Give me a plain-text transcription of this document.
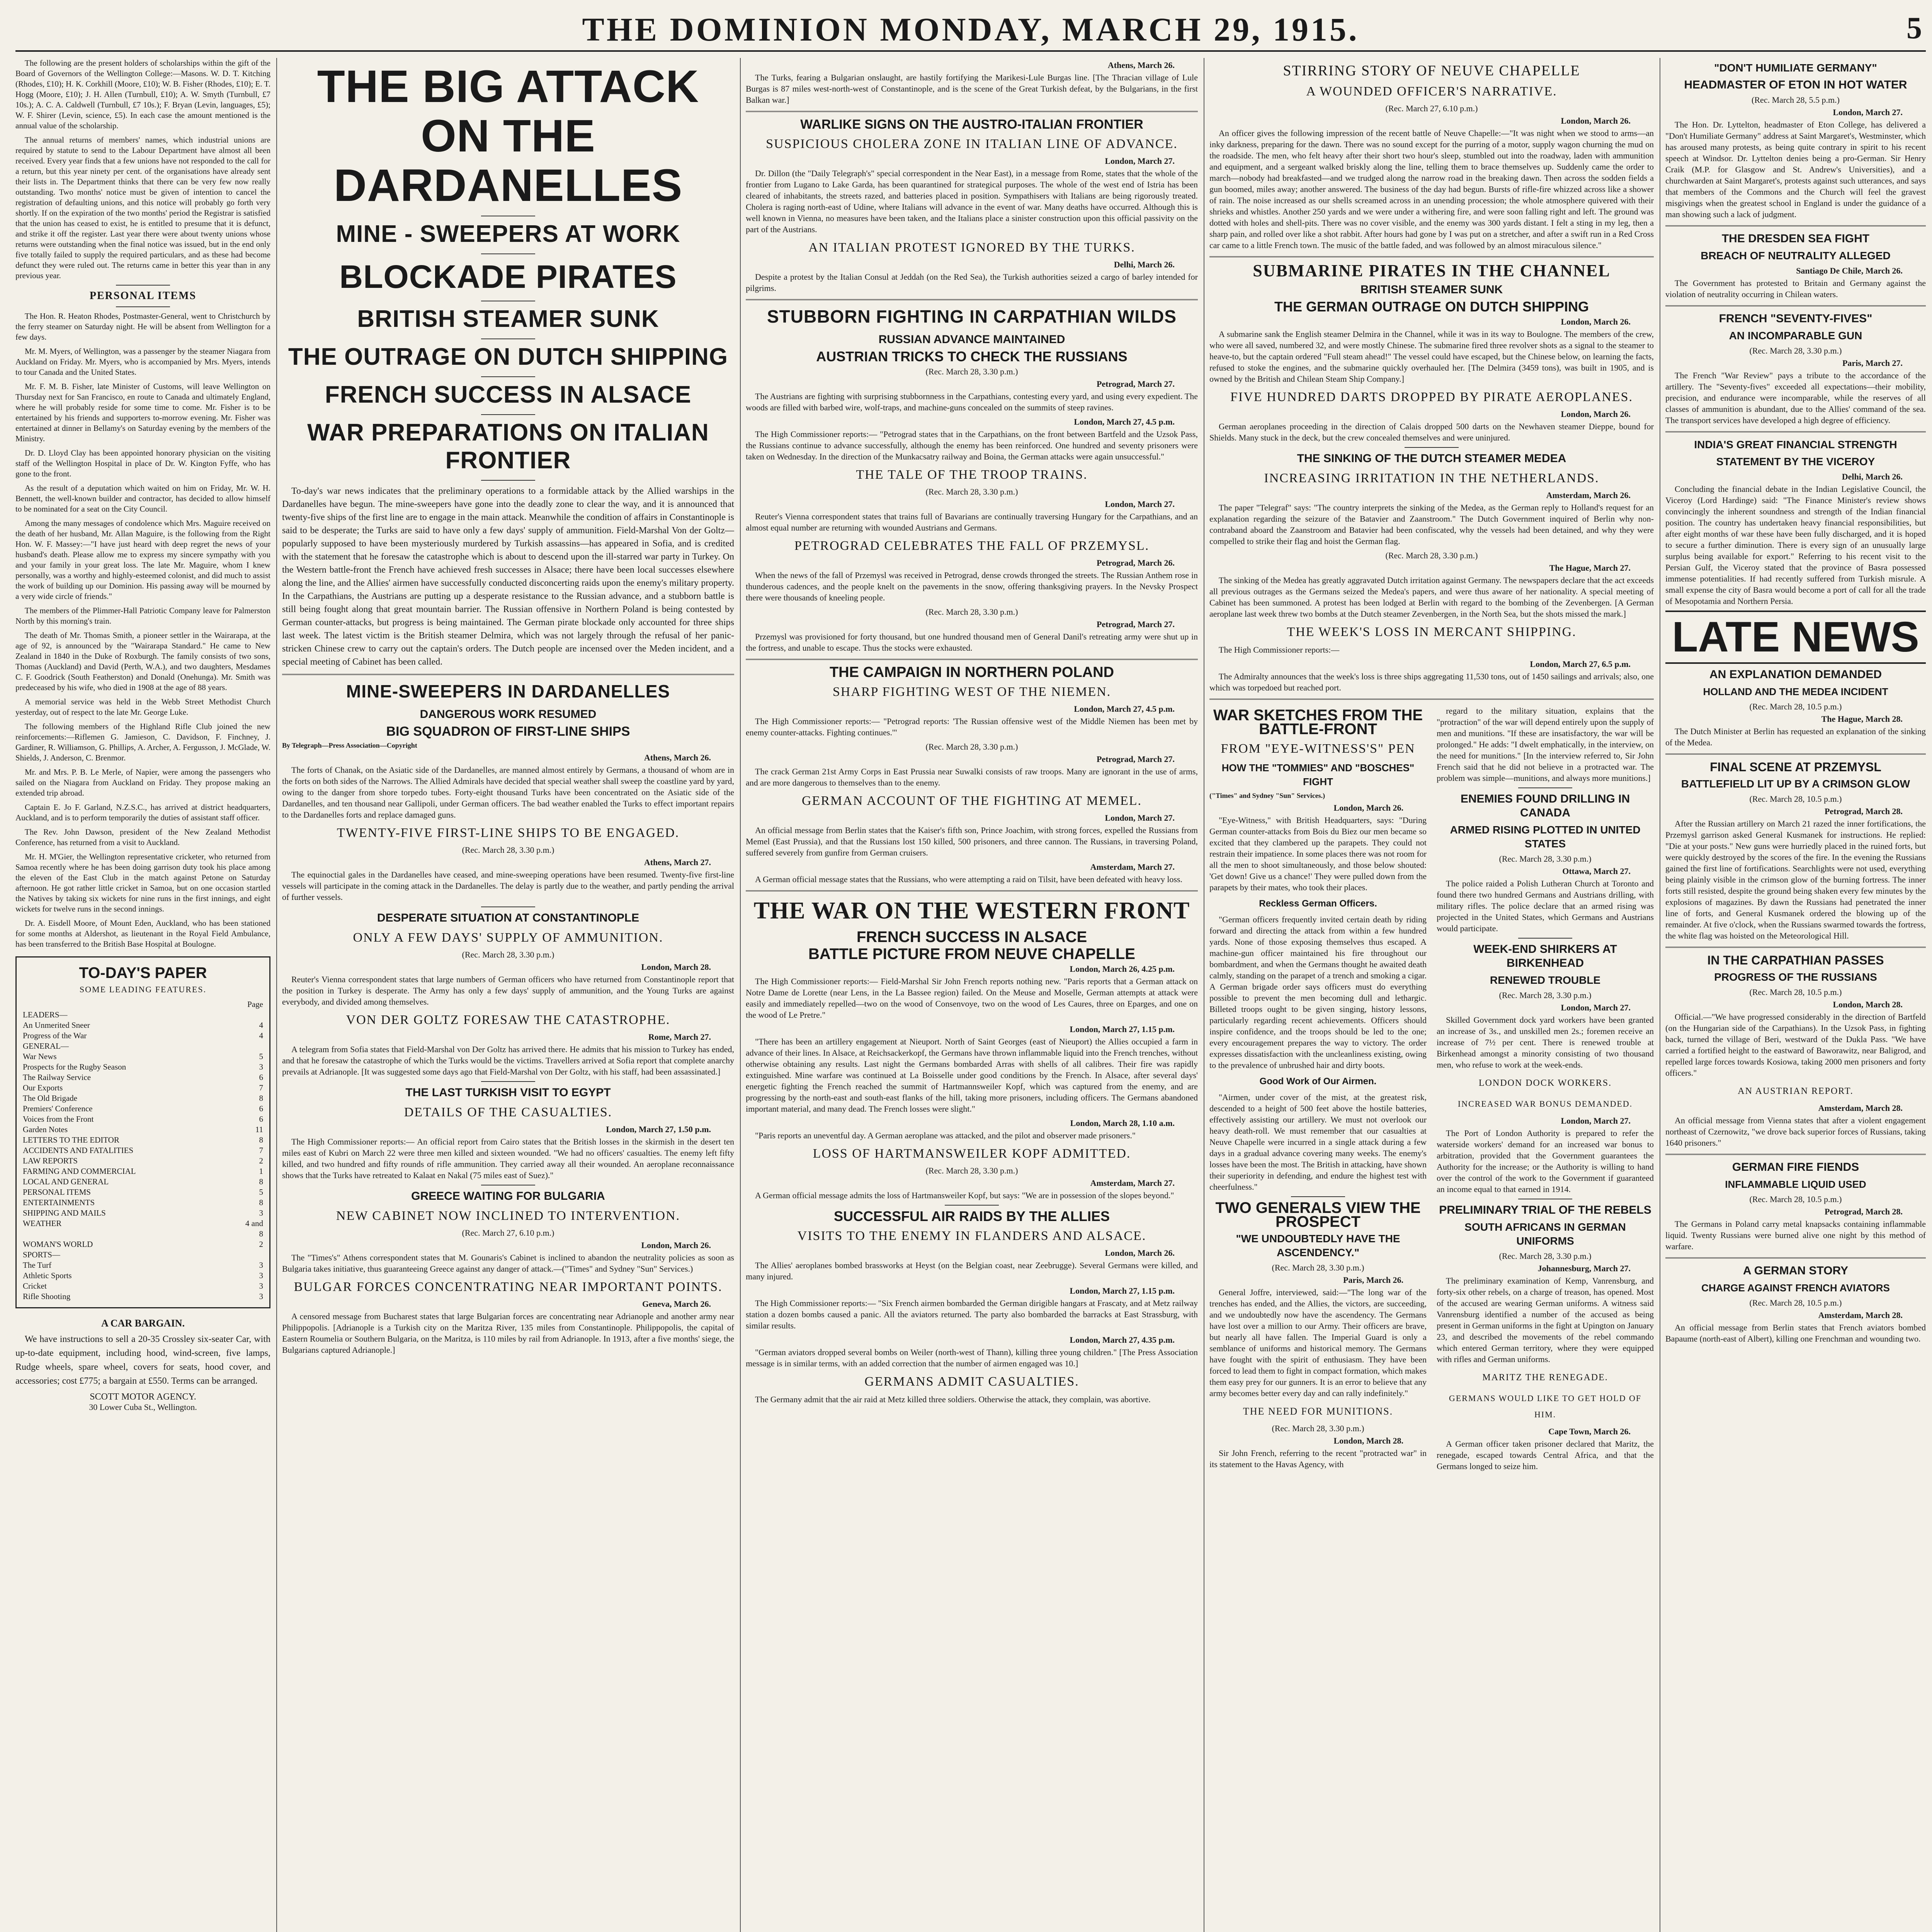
THE DOMINION MONDAY, MARCH 29, 1915.	5

The following are the present holders of scholarships within the gift of the Board of Governors of the Wellington College:—Masons. W. D. T. Kitching (Rhodes, £10); H. K. Corkhill (Moore, £10); W. B. Fisher (Rhodes, £10); E. T. Hogg (Moore, £10); J. H. Allen (Turnbull, £10); A. W. Smyth (Turnbull, £7 10s.); A. C. A. Caldwell (Turnbull, £7 10s.); F. Bryan (Levin, languages, £5); W. F. Shirer (Levin, science, £5). In each case the amount mentioned is the annual value of the scholarship.

The annual returns of members' names, which industrial unions are required by statute to send to the Labour Department have almost all been received. Every year finds that a few unions have not responded to the call for a return, but this year ninety per cent. of the organisations have already sent their lists in. The Department thinks that there can be very few now really outstanding. Two months' notice must be given of intention to cancel the registration of defaulting unions, and this notice will probably go forth very shortly. If on the expiration of the two months' period the Registrar is satisfied that the union has ceased to exist, he is entitled to presume that it is defunct, and strike it off the register. Last year there were about twenty unions whose returns were outstanding when the final notice was issued, but in the end only five totally failed to supply the required particulars, and as these had become defunct they were ruled out. The returns came in better this year than in any previous year.

PERSONAL ITEMS

The Hon. R. Heaton Rhodes, Postmaster-General, went to Christchurch by the ferry steamer on Saturday night. He will be absent from Wellington for a few days.

Mr. M. Myers, of Wellington, was a passenger by the steamer Niagara from Auckland on Friday. Mr. Myers, who is accompanied by Mrs. Myers, intends to tour Canada and the United States.

Mr. F. M. B. Fisher, late Minister of Customs, will leave Wellington on Thursday next for San Francisco, en route to Canada and ultimately England, where he will probably reside for some time to come. Mr. Fisher is to be entertained by his friends and supporters to-morrow evening. Mr. Fisher was entertained at dinner in Bellamy's on Saturday evening by the members of the Ministry.

Dr. D. Lloyd Clay has been appointed honorary physician on the visiting staff of the Wellington Hospital in place of Dr. W. Kington Fyffe, who has gone to the front.

As the result of a deputation which waited on him on Friday, Mr. W. H. Bennett, the well-known builder and contractor, has decided to allow himself to be nominated for a seat on the City Council.

Among the many messages of condolence which Mrs. Maguire received on the death of her husband, Mr. Allan Maguire, is the following from the Right Hon. W. F. Massey:—"I have just heard with deep regret the news of your husband's death. Please allow me to express my sincere sympathy with you and your family in your great loss. The late Mr. Maguire, whom I knew personally, was a worthy and highly-esteemed colonist, and did much to assist the work of building up our Dominion. His passing away will be mourned by a very wide circle of friends."

The members of the Plimmer-Hall Patriotic Company leave for Palmerston North by this morning's train.

The death of Mr. Thomas Smith, a pioneer settler in the Wairarapa, at the age of 92, is announced by the "Wairarapa Standard." He came to New Zealand in 1840 in the Duke of Roxburgh. The family consists of two sons, Thomas (Auckland) and David (Perth, W.A.), and two daughters, Mesdames C. F. Goodrick (South Featherston) and Donald (Onehunga). Mr. Smith was predeceased by his wife, who died in 1908 at the age of 88 years.

A memorial service was held in the Webb Street Methodist Church yesterday, out of respect to the late Mr. George Luke.

The following members of the Highland Rifle Club joined the new reinforcements:—Riflemen G. Jamieson, C. Davidson, F. Finchney, J. Gardiner, R. Williamson, G. Phillips, A. Archer, A. Fergusson, J. McGlade, W. Shields, J. Anderson, C. Brenmor.

Mr. and Mrs. P. B. Le Merle, of Napier, were among the passengers who sailed on the Niagara from Auckland on Friday. They propose making an extended trip abroad.

Captain E. Jo F. Garland, N.Z.S.C., has arrived at district headquarters, Auckland, and is to perform temporarily the duties of assistant staff officer.

The Rev. John Dawson, president of the New Zealand Methodist Conference, has returned from a visit to Auckland.

Mr. H. M'Gier, the Wellington representative cricketer, who returned from Samoa recently where he has been doing garrison duty took his place among the eleven of the East Club in the match against Petone on Saturday afternoon. He got rather little cricket in Samoa, but on one occasion startled the Natives by taking six wickets for nine runs in the first innings, and eight wickets for twelve runs in the second innings.

Dr. A. Eisdell Moore, of Mount Eden, Auckland, who has been stationed for some months at Aldershot, as lieutenant in the Royal Field Ambulance, has been transferred to the British Base Hospital at Boulogne.

TO-DAY'S PAPER
SOME LEADING FEATURES.
Page
LEADERS—
An Unmerited Sneer	4
Progress of the War	4
GENERAL—
War News	5
Prospects for the Rugby Season	3
The Railway Service	6
Our Exports	7
The Old Brigade	8
Premiers' Conference	6
Voices from the Front	6
Garden Notes	11
LETTERS TO THE EDITOR	8
ACCIDENTS AND FATALITIES	7
LAW REPORTS	2
FARMING AND COMMERCIAL	1
LOCAL AND GENERAL	8
PERSONAL ITEMS	5
ENTERTAINMENTS	8
SHIPPING AND MAILS	3
WEATHER	4 and 8
WOMAN'S WORLD	2
SPORTS—
The Turf	3
Athletic Sports	3
Cricket	3
Rifle Shooting	3
A CAR BARGAIN.

We have instructions to sell a 20-35 Crossley six-seater Car, with up-to-date equipment, including hood, wind-screen, five lamps, Rudge wheels, spare wheel, covers for seats, hood cover, and accessories; cost £775; a bargain at £550. Terms can be arranged.

SCOTT MOTOR AGENCY.
30 Lower Cuba St., Wellington.
THE BIG ATTACK ON THE DARDANELLES
MINE - SWEEPERS AT WORK
BLOCKADE PIRATES
BRITISH STEAMER SUNK
THE OUTRAGE ON DUTCH SHIPPING
FRENCH SUCCESS IN ALSACE
WAR PREPARATIONS ON ITALIAN FRONTIER

To-day's war news indicates that the preliminary operations to a formidable attack by the Allied warships in the Dardanelles have begun. The mine-sweepers have gone into the deadly zone to clear the way, and it is announced that twenty-five ships of the first line are to engage in the main attack. Meanwhile the condition of affairs in Constantinople is said to be desperate; the Turks are said to have only a few days' supply of ammunition. Field-Marshal Von der Goltz—popularly supposed to have been mysteriously murdered by Turkish assassins—has appeared in Sofia, and is credited with the statement that he foresaw the catastrophe which is about to descend upon the ill-starred war party in Turkey. On the Western battle-front the French have achieved fresh successes in Alsace; there have been local successes elsewhere along the line, and the Allies' airmen have successfully conducted disconcerting raids upon the enemy's military property. In the Carpathians, the Austrians are putting up a desperate resistance to the Russian advance, and a stubborn battle is still being fought along that great mountain barrier. The Russian offensive in Northern Poland is being contested by German counter-attacks, but progress is being maintained. The German pirate blockade only accounted for three ships last week. The latest victim is the British steamer Delmira, which was not largely through the refusal of her panic-stricken Chinese crew to carry out the captain's orders. The Dutch people are incensed over the Meden incident, and a special meeting of Cabinet has been called.

MINE-SWEEPERS IN DARDANELLES
DANGEROUS WORK RESUMED
BIG SQUADRON OF FIRST-LINE SHIPS
By Telegraph—Press Association—Copyright
Athens, March 26.

The forts of Chanak, on the Asiatic side of the Dardanelles, are manned almost entirely by Germans, a thousand of whom are in the forts on both sides of the Narrows. The Allied Admirals have decided that special weather shall sweep the coastline yard by yard, owing to the danger from shore torpedo tubes. Forty-eight thousand Turks have been concentrated on the Asiatic side of the Dardanelles, and ten thousand near Gallipoli, under German officers. The bad weather enabled the Turks to effect important repairs to the Dardanelles forts and replace damaged guns.

TWENTY-FIVE FIRST-LINE SHIPS TO BE ENGAGED.
(Rec. March 28, 3.30 p.m.)
Athens, March 27.

The equinoctial gales in the Dardanelles have ceased, and mine-sweeping operations have been resumed. Twenty-five first-line vessels will participate in the coming attack in the Dardanelles. The delay is partly due to the weather, and partly pending the arrival of further vessels.

DESPERATE SITUATION AT CONSTANTINOPLE
ONLY A FEW DAYS' SUPPLY OF AMMUNITION.
(Rec. March 28, 3.30 p.m.)
London, March 28.

Reuter's Vienna correspondent states that large numbers of German officers who have returned from Constantinople report that the position in Turkey is desperate. The Army has only a few days' supply of ammunition, and the Young Turks are against everybody, and divided among themselves.

VON DER GOLTZ FORESAW THE CATASTROPHE.
Rome, March 27.

A telegram from Sofia states that Field-Marshal von Der Goltz has arrived there. He admits that his mission to Turkey has ended, and that he foresaw the catastrophe of which the Turks would be the victims. Travellers arrived at Sofia report that complete anarchy prevails at Adrianople. [It was suggested some days ago that Field-Marshal von Der Goltz, with his staff, had been assassinated.]

THE LAST TURKISH VISIT TO EGYPT
DETAILS OF THE CASUALTIES.
London, March 27, 1.50 p.m.

The High Commissioner reports:— An official report from Cairo states that the British losses in the skirmish in the desert ten miles east of Kubri on March 22 were three men killed and sixteen wounded. "We had no officers' casualties. The enemy left fifty killed, and two hundred and fifty rounds of rifle ammunition. They carried away all their wounded. An aeroplane reconnaissance shows that the Turks have retreated to Kalaat en Nakal (75 miles east of Suez)."

GREECE WAITING FOR BULGARIA
NEW CABINET NOW INCLINED TO INTERVENTION.
(Rec. March 27, 6.10 p.m.)
London, March 26.

The "Times's" Athens correspondent states that M. Gounaris's Cabinet is inclined to abandon the neutrality policies as soon as Bulgaria takes initiative, thus guaranteeing Greece against any danger of attack.—("Times" and Sydney "Sun" Services.)

BULGAR FORCES CONCENTRATING NEAR IMPORTANT POINTS.
Geneva, March 26.

A censored message from Bucharest states that large Bulgarian forces are concentrating near Adrianople and another army near Philippopolis. [Adrianople is a Turkish city on the Maritza River, 135 miles from Constantinople. Philippopolis, the capital of Eastern Roumelia or Southern Bulgaria, on the Maritza, is 110 miles by rail from Adrianople. In 1913, after a five months' siege, the Bulgarians captured Adrianople.]

Athens, March 26.

The Turks, fearing a Bulgarian onslaught, are hastily fortifying the Marikesi-Lule Burgas line. [The Thracian village of Lule Burgas is 87 miles west-north-west of Constantinople, and is the scene of the Great Turkish defeat, by the Bulgarians, in the first Balkan war.]

WARLIKE SIGNS ON THE AUSTRO-ITALIAN FRONTIER
SUSPICIOUS CHOLERA ZONE IN ITALIAN LINE OF ADVANCE.
London, March 27.

Dr. Dillon (the "Daily Telegraph's" special correspondent in the Near East), in a message from Rome, states that the whole of the frontier from Lugano to Lake Garda, has been quarantined for strategical purposes. The whole of the west end of Istria has been cleared of inhabitants, the streets razed, and batteries placed in position. Sympathisers with Italians are being rigorously treated. Cholera is raging north-east of Udine, where Italians will advance in the event of war. Many deaths have occurred. Although this is well known in Vienna, no measures have been taken, and the Italians place a sinister construction upon this official passivity on the part of the Austrians.

AN ITALIAN PROTEST IGNORED BY THE TURKS.
Delhi, March 26.

Despite a protest by the Italian Consul at Jeddah (on the Red Sea), the Turkish authorities seized a cargo of barley intended for pilgrims.

STUBBORN FIGHTING IN CARPATHIAN WILDS
RUSSIAN ADVANCE MAINTAINED
AUSTRIAN TRICKS TO CHECK THE RUSSIANS
(Rec. March 28, 3.30 p.m.)
Petrograd, March 27.

The Austrians are fighting with surprising stubbornness in the Carpathians, contesting every yard, and using every expedient. The woods are filled with barbed wire, wolf-traps, and machine-guns concealed on the summits of steep ravines.

London, March 27, 4.5 p.m.

The High Commissioner reports:— "Petrograd states that in the Carpathians, on the front between Bartfeld and the Uzsok Pass, the Russians continue to advance successfully, although the enemy has been reinforced. One hundred and seventy prisoners were taken on Wednesday. In the direction of the Munkacsatry railway and Boina, the German attacks were again unsuccessful."

THE TALE OF THE TROOP TRAINS.
(Rec. March 28, 3.30 p.m.)
London, March 27.

Reuter's Vienna correspondent states that trains full of Bavarians are continually traversing Hungary for the Carpathians, and an almost equal number are returning with wounded Austrians and Germans.

PETROGRAD CELEBRATES THE FALL OF PRZEMYSL.
Petrograd, March 26.

When the news of the fall of Przemysl was received in Petrograd, dense crowds thronged the streets. The Russian Anthem rose in thunderous cadences, and the people knelt on the pavements in the snow, offering thanksgiving prayers. In the Nevsky Prospect there were thousands of kneeling people.

(Rec. March 28, 3.30 p.m.)
Petrograd, March 27.

Przemysl was provisioned for forty thousand, but one hundred thousand men of General Danil's retreating army were shut up in the fortress, and unable to escape. Thus the stocks were exhausted.

THE CAMPAIGN IN NORTHERN POLAND
SHARP FIGHTING WEST OF THE NIEMEN.
London, March 27, 4.5 p.m.

The High Commissioner reports:— "Petrograd reports: 'The Russian offensive west of the Middle Niemen has been met by enemy counter-attacks. Fighting continues.'"

(Rec. March 28, 3.30 p.m.)
Petrograd, March 27.

The crack German 21st Army Corps in East Prussia near Suwalki consists of raw troops. Many are ignorant in the use of arms, and are more dangerous to themselves than to the enemy.

GERMAN ACCOUNT OF THE FIGHTING AT MEMEL.
London, March 27.

An official message from Berlin states that the Kaiser's fifth son, Prince Joachim, with strong forces, expelled the Russians from Memel (East Prussia), and that the Russians lost 150 killed, 500 prisoners, and three cannon. The Russians, in traversing Poland, suffered severely from gunfire from German cruisers.

Amsterdam, March 27.

A German official message states that the Russians, who were attempting a raid on Tilsit, have been defeated with heavy loss.

THE WAR ON THE WESTERN FRONT
FRENCH SUCCESS IN ALSACE
BATTLE PICTURE FROM NEUVE CHAPELLE
London, March 26, 4.25 p.m.

The High Commissioner reports:— Field-Marshal Sir John French reports nothing new. "Paris reports that a German attack on Notre Dame de Lorette (near Lens, in the La Bassee region) failed. On the Meuse and Moselle, German attempts at attack were easily and immediately repelled—two on the wood of Consenvoye, two on the wood of Les Caures, three on Eparges, and one on the wood of Le Pretre."

London, March 27, 1.15 p.m.

"There has been an artillery engagement at Nieuport. North of Saint Georges (east of Nieuport) the Allies occupied a farm in advance of their lines. In Alsace, at Reichsackerkopf, the Germans have thrown inflammable liquid into the French trenches, without otherwise obtaining any results. Last night the Germans bombarded Arras with shells of all calibres. Their fire was rapidly extinguished. Mine warfare was continued at La Boisselle under good conditions by the French. In Alsace, after several days' energetic fighting the French reached the summit of Hartmannsweiler Kopf, which was captured from the enemy, and are progressing by the north-east and south-east flanks of the hill, taking more prisoners, including officers. The Germans abandoned important material, and many dead. The French losses were slight."

London, March 28, 1.10 a.m.

"Paris reports an uneventful day. A German aeroplane was attacked, and the pilot and observer made prisoners."

LOSS OF HARTMANSWEILER KOPF ADMITTED.
(Rec. March 28, 3.30 p.m.)
Amsterdam, March 27.

A German official message admits the loss of Hartmansweiler Kopf, but says: "We are in possession of the slopes beyond."

SUCCESSFUL AIR RAIDS BY THE ALLIES
VISITS TO THE ENEMY IN FLANDERS AND ALSACE.
London, March 26.

The Allies' aeroplanes bombed brassworks at Heyst (on the Belgian coast, near Zeebrugge). Several Germans were killed, and many injured.

London, March 27, 1.15 p.m.

The High Commissioner reports:— "Six French airmen bombarded the German dirigible hangars at Frascaty, and at Metz railway station a dozen bombs caused a panic. All the aviators returned. The party also bombarded the barracks at East Strassburg, with similar results.

London, March 27, 4.35 p.m.

"German aviators dropped several bombs on Weiler (north-west of Thann), killing three young children." [The Press Association message is in similar terms, with an added correction that the number of airmen engaged was 10.]

GERMANS ADMIT CASUALTIES.

The Germany admit that the air raid at Metz killed three soldiers. Otherwise the attack, they complain, was abortive.

STIRRING STORY OF NEUVE CHAPELLE
A WOUNDED OFFICER'S NARRATIVE.
(Rec. March 27, 6.10 p.m.)
London, March 26.

An officer gives the following impression of the recent battle of Neuve Chapelle:—"It was night when we stood to arms—an inky darkness, preparing for the dawn. There was no sound except for the purring of a motor, supply wagon churning the mud on the roadside. The men, who felt heavy after their short two hour's sleep, stumbled out into the roadway, laden with ammunition and equipment, and a sergeant walked briskly along the line, telling them to brace themselves up. Suddenly came the order to march—nobody had breakfasted—and we trudged along the narrow road in the breaking dawn. Then across the sodden fields a gun boomed, miles away; another answered. The business of the day had begun. Bursts of rifle-fire whizzed across like a shower of rain. The noise increased as our shells screamed across in an unending procession; the whole atmosphere quivered with their shrieks and whistles. Another 250 yards and we were under a withering fire, and were soon falling right and left. The ground was dotted with holes and shell-pits. There was no cover visible, and the enemy was 300 yards distant. I felt a sting in my leg, then a sharp pain, and rolled over like a shot rabbit. After hours had gone by I was put on a stretcher, and after a swift run in a Red Cross car came to a little French town. The music of the battle faded, and was followed by an almost miraculous silence."

SUBMARINE PIRATES IN THE CHANNEL
BRITISH STEAMER SUNK
THE GERMAN OUTRAGE ON DUTCH SHIPPING
London, March 26.

A submarine sank the English steamer Delmira in the Channel, while it was in its way to Boulogne. The members of the crew, who were all saved, numbered 32, and were mostly Chinese. The submarine fired three revolver shots as a signal to the steamer to heave-to, but the captain ordered "Full steam ahead!" The vessel could have escaped, but the Chinese below, on learning the facts, refused to stoke the engines, and the submarine quickly overhauled her. [The Delmira (3459 tons), was built in 1905, and is owned by the British and Chilean Steam Ship Company.]

FIVE HUNDRED DARTS DROPPED BY PIRATE AEROPLANES.
London, March 26.

German aeroplanes proceeding in the direction of Calais dropped 500 darts on the Newhaven steamer Dieppe, bound for Shields. Many stuck in the deck, but the crew concealed themselves and were uninjured.

THE SINKING OF THE DUTCH STEAMER MEDEA
INCREASING IRRITATION IN THE NETHERLANDS.
Amsterdam, March 26.

The paper "Telegraf" says: "The country interprets the sinking of the Medea, as the German reply to Holland's request for an explanation regarding the seizure of the Batavier and Zaanstroom." The Dutch Government inquired of Berlin why non-contraband aboard the Zaanstroom and Batavier had been confiscated, why the vessels had been detained, and why they were compelled to strike their flag and hoist the German flag.

(Rec. March 28, 3.30 p.m.)
The Hague, March 27.

The sinking of the Medea has greatly aggravated Dutch irritation against Germany. The newspapers declare that the act exceeds all previous outrages as the Germans seized the Medea's papers, and were thus aware of her nationality. A special meeting of Cabinet has been summoned. A protest has been lodged at Berlin with regard to the bombing of the Zevenbergen. [A German aeroplane last week threw two bombs at the Dutch steamer Zevenbergen, in the North Sea, but the shots missed the mark.]

THE WEEK'S LOSS IN MERCANT SHIPPING.

The High Commissioner reports:—

London, March 27, 6.5 p.m.

The Admiralty announces that the week's loss is three ships aggregating 11,530 tons, out of 1450 sailings and arrivals; also, one which was torpedoed but reached port.

WAR SKETCHES FROM THE BATTLE-FRONT
FROM "EYE-WITNESS'S" PEN
HOW THE "TOMMIES" AND "BOSCHES" FIGHT
("Times" and Sydney "Sun" Services.)
London, March 26.

"Eye-Witness," with British Headquarters, says: "During German counter-attacks from Bois du Biez our men became so excited that they clambered up the parapets. They could not restrain their impatience. In some places there was not room for all the men to shoot simultaneously, and those below shouted: 'Get down! Give us a chance!' They were pulled down from the parapets by their mates, who took their places.

Reckless German Officers.

"German officers frequently invited certain death by riding forward and directing the attack from within a few hundred yards. None of those exposing themselves thus escaped. A machine-gun officer maintained his fire throughout our bombardment, and when the Germans thought he awaited death calmly, standing on the parapet of a trench and smoking a cigar. A German brigade order says officers must do everything possible to prevent the men becoming dull and lethargic. Billeted troops ought to be given singing, history lessons, particularly regarding recent achievements. Officers should inspire confidence, and the troops should be led to the one; every encouragement prepares the way to victory. The order expresses dissatisfaction with the uncleanliness existing, owing to the prevalence of unbrushed hair and dirty boots.

Good Work of Our Airmen.

"Airmen, under cover of the mist, at the greatest risk, descended to a height of 500 feet above the hostile batteries, effectively assisting our artillery. We must not overlook our heavy death-roll. We must remember that our casualties at Neuve Chapelle were incurred in a single attack during a few days in a gradual advance covering many weeks. The enemy's losses have been the most. The British in attacking, have shown their superiority in defending, and endure the highest test with cheerfulness."

TWO GENERALS VIEW THE PROSPECT
"WE UNDOUBTEDLY HAVE THE ASCENDENCY."
(Rec. March 28, 3.30 p.m.)
Paris, March 26.

General Joffre, interviewed, said:—"The long war of the trenches has ended, and the Allies, the victors, are succeeding, and we undoubtedly now have the ascendency. The Germans have lost over a million to our Army. Their officers are brave, but nearly all have fallen. The Imperial Guard is only a semblance of uniforms and historical memory. The Germans have fought with the spirit of enthusiasm. They have been forced to lead them to fight in compact formation, which makes them easy prey for our gunners. It is an error to believe that any army becomes better every day and can rally indefinitely."

THE NEED FOR MUNITIONS.
(Rec. March 28, 3.30 p.m.)
London, March 28.

Sir John French, referring to the recent "protracted war" in its statement to the Havas Agency, with

regard to the military situation, explains that the "protraction" of the war will depend entirely upon the supply of men and munitions. "If these are insatisfactory, the war will be prolonged." He adds: "I dwelt emphatically, in the interview, on the need for munitions." [In the interview referred to, Sir John French said that he did not believe in a protracted war. The problem was simple—munitions, and always more munitions.]

ENEMIES FOUND DRILLING IN CANADA
ARMED RISING PLOTTED IN UNITED STATES
(Rec. March 28, 3.30 p.m.)
Ottawa, March 27.

The police raided a Polish Lutheran Church at Toronto and found there two hundred Germans and Austrians drilling, with military rifles. The police declare that an armed rising was projected in the United States, which Germans and Austrians would participate.

WEEK-END SHIRKERS AT BIRKENHEAD
RENEWED TROUBLE
(Rec. March 28, 3.30 p.m.)
London, March 27.

Skilled Government dock yard workers have been granted an increase of 3s., and unskilled men 2s.; foremen receive an increase of 7½ per cent. There is renewed trouble at Birkenhead amongst a minority consisting of two thousand men, who refuse to work at the week-ends.

LONDON DOCK WORKERS.
INCREASED WAR BONUS DEMANDED.
London, March 27.

The Port of London Authority is prepared to refer the waterside workers' demand for an increased war bonus to arbitration, provided that the Government guarantees the Authority for the increase; or the Authority is willing to hand over the control of the work to the Government if guaranteed an income equal to that earned in 1914.

PRELIMINARY TRIAL OF THE REBELS
SOUTH AFRICANS IN GERMAN UNIFORMS
(Rec. March 28, 3.30 p.m.)
Johannesburg, March 27.

The preliminary examination of Kemp, Vanrensburg, and forty-six other rebels, on a charge of treason, has opened. Most of the accused are wearing German uniforms. A witness said Vanrensburg identified a number of the accused as being present in German uniforms in the fight at Upington on January 23, and described the movements of the rebel commando which entered German territory, where they were equipped with rifles and German uniforms.

MARITZ THE RENEGADE.
GERMANS WOULD LIKE TO GET HOLD OF HIM.
Cape Town, March 26.

A German officer taken prisoner declared that Maritz, the renegade, escaped towards Central Africa, and that the Germans longed to seize him.

"DON'T HUMILIATE GERMANY"
HEADMASTER OF ETON IN HOT WATER
(Rec. March 28, 5.5 p.m.)
London, March 27.

The Hon. Dr. Lyttelton, headmaster of Eton College, has delivered a "Don't Humiliate Germany" address at Saint Margaret's, Westminster, which has aroused many protests, as being quite contrary in spirit to his recent speech at Windsor. Dr. Lyttelton denies being a pro-German. Sir Henry Craik (M.P. for Glasgow and St. Andrew's Universities), and a churchwarden at Saint Margaret's, protests against such utterances, and says that members of the Commons and the Church will feel the gravest misgivings when the greatest school in England is under the guidance of a man showing such a lack of judgment.

THE DRESDEN SEA FIGHT
BREACH OF NEUTRALITY ALLEGED
Santiago De Chile, March 26.

The Government has protested to Britain and Germany against the violation of neutrality occurring in Chilean waters.

FRENCH "SEVENTY-FIVES"
AN INCOMPARABLE GUN
(Rec. March 28, 3.30 p.m.)
Paris, March 27.

The French "War Review" pays a tribute to the accordance of the artillery. The "Seventy-fives" exceeded all expectations—their mobility, precision, and endurance were incomparable, while the reserves of all classes of ammunition is abundant, due to the Allies' command of the sea. The transport services have developed a high degree of efficiency.

INDIA'S GREAT FINANCIAL STRENGTH
STATEMENT BY THE VICEROY
Delhi, March 26.

Concluding the financial debate in the Indian Legislative Council, the Viceroy (Lord Hardinge) said: "The Finance Minister's review shows convincingly the inherent soundness and strength of the Indian financial position. The country has undertaken heavy financial responsibilities, but after eight months of war these have been fully discharged, and it is hoped to secure a further diminution. There is every sign of an unusually large surplus being available for export." Referring to his recent visit to the Persian Gulf, the Viceroy stated that the province of Basra possessed immense potentialities. If had recently suffered from Turkish misrule. A small expense the city of Basra would become a port of call for all the trade of Mesopotamia and Northern Persia.

LATE NEWS
AN EXPLANATION DEMANDED
HOLLAND AND THE MEDEA INCIDENT
(Rec. March 28, 10.5 p.m.)
The Hague, March 28.

The Dutch Minister at Berlin has requested an explanation of the sinking of the Medea.

FINAL SCENE AT PRZEMYSL
BATTLEFIELD LIT UP BY A CRIMSON GLOW
(Rec. March 28, 10.5 p.m.)
Petrograd, March 28.

After the Russian artillery on March 21 razed the inner fortifications, the Przemysl garrison asked General Kusmanek for instructions. He replied: "Die at your posts." New guns were hurriedly placed in the ruined forts, but were quickly destroyed by the scores of the fire. In the evening the Russians gained the first line of fortifications. Searchlights were not used, everything being plainly visible in the crimson glow of the burning fortress. The inner forts still resisted, despite the ground being shaken every few minutes by the explosions of magazines. By dawn the Russians had penetrated the inner line of forts, and General Kusmanek ordered the blowing up of the remainder. At five o'clock, when the Russians swarmed towards the fortress, the white flag was hoisted on the Meteorological Hill.

IN THE CARPATHIAN PASSES
PROGRESS OF THE RUSSIANS
(Rec. March 28, 10.5 p.m.)
London, March 28.

Official.—"We have progressed considerably in the direction of Bartfeld (on the Hungarian side of the Carpathians). In the Uzsok Pass, in fighting back, turned the village of Beri, westward of the Dukla Pass. "We have carried a fortified height to the eastward of Baworawitz, near Baligrod, and repelled large forces towards Kosiowa, taking 2000 men prisoners and forty officers."

AN AUSTRIAN REPORT.
Amsterdam, March 28.

An official message from Vienna states that after a violent engagement northeast of Czernowitz, "we drove back superior forces of Russians, taking 1640 prisoners."

GERMAN FIRE FIENDS
INFLAMMABLE LIQUID USED
(Rec. March 28, 10.5 p.m.)
Petrograd, March 28.

The Germans in Poland carry metal knapsacks containing inflammable liquid. Twenty Russians were burned alive one night by this method of warfare.

A GERMAN STORY
CHARGE AGAINST FRENCH AVIATORS
(Rec. March 28, 10.5 p.m.)
Amsterdam, March 28.

An official message from Berlin states that French aviators bombed Bapaume (north-east of Albert), killing one Frenchman and wounding two.
